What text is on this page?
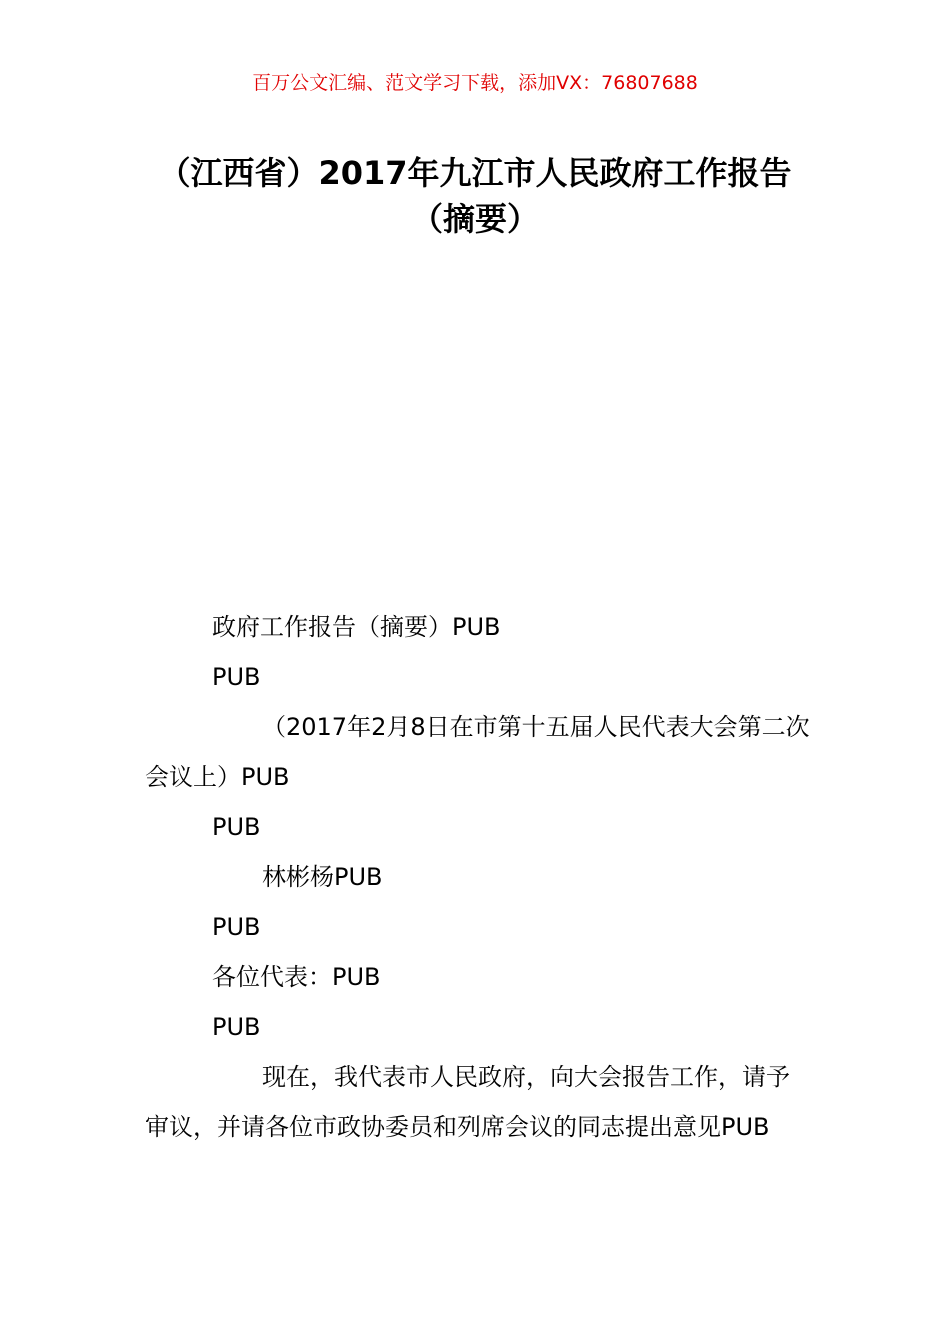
百万公文汇编、范文学习下载，添加VX：76807688
（江西省）2017年九江市人民政府工作报告（摘要）

政府工作报告（摘要）PUB

PUB

（2017年2月8日在市第十五届人民代表大会第二次会议上）PUB

PUB

林彬杨PUB

PUB

各位代表：PUB

PUB

现在，我代表市人民政府，向大会报告工作，请予审议，并请各位市政协委员和列席会议的同志提出意见PUB
